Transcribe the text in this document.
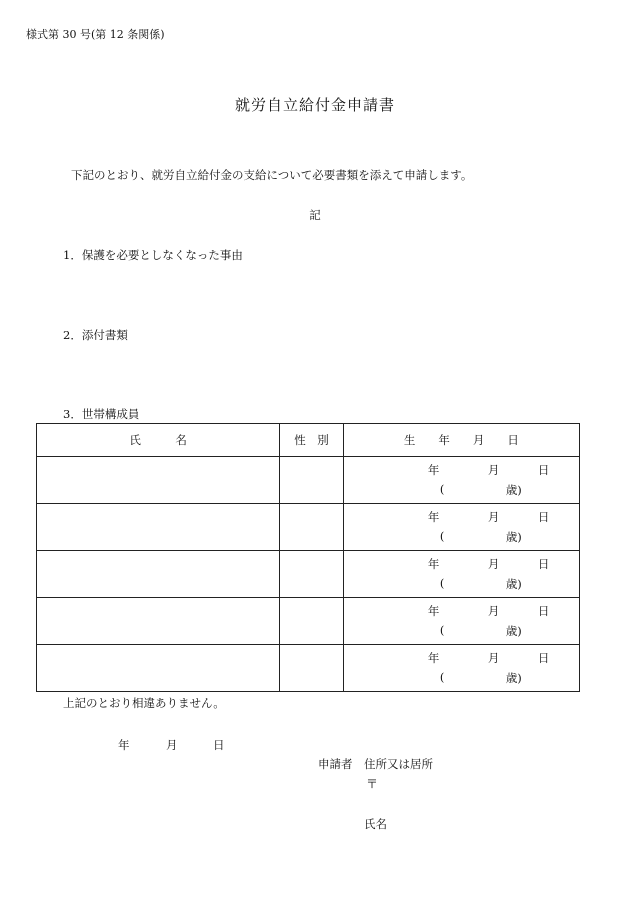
様式第 30 号(第 12 条関係)
就労自立給付金申請書
下記のとおり、就労自立給付金の支給について必要書類を添えて申請します。
記
1．保護を必要としなくなった事由
2．添付書類
3．世帯構成員
氏　　　名	性　別	生　　年　　月　　日

		年 月 日
( 歳)

		年 月 日
( 歳)

		年 月 日
( 歳)

		年 月 日
( 歳)

		年 月 日
( 歳)
上記のとおり相違ありません。
年	月	日
申請者 住所又は居所
〒
氏名
